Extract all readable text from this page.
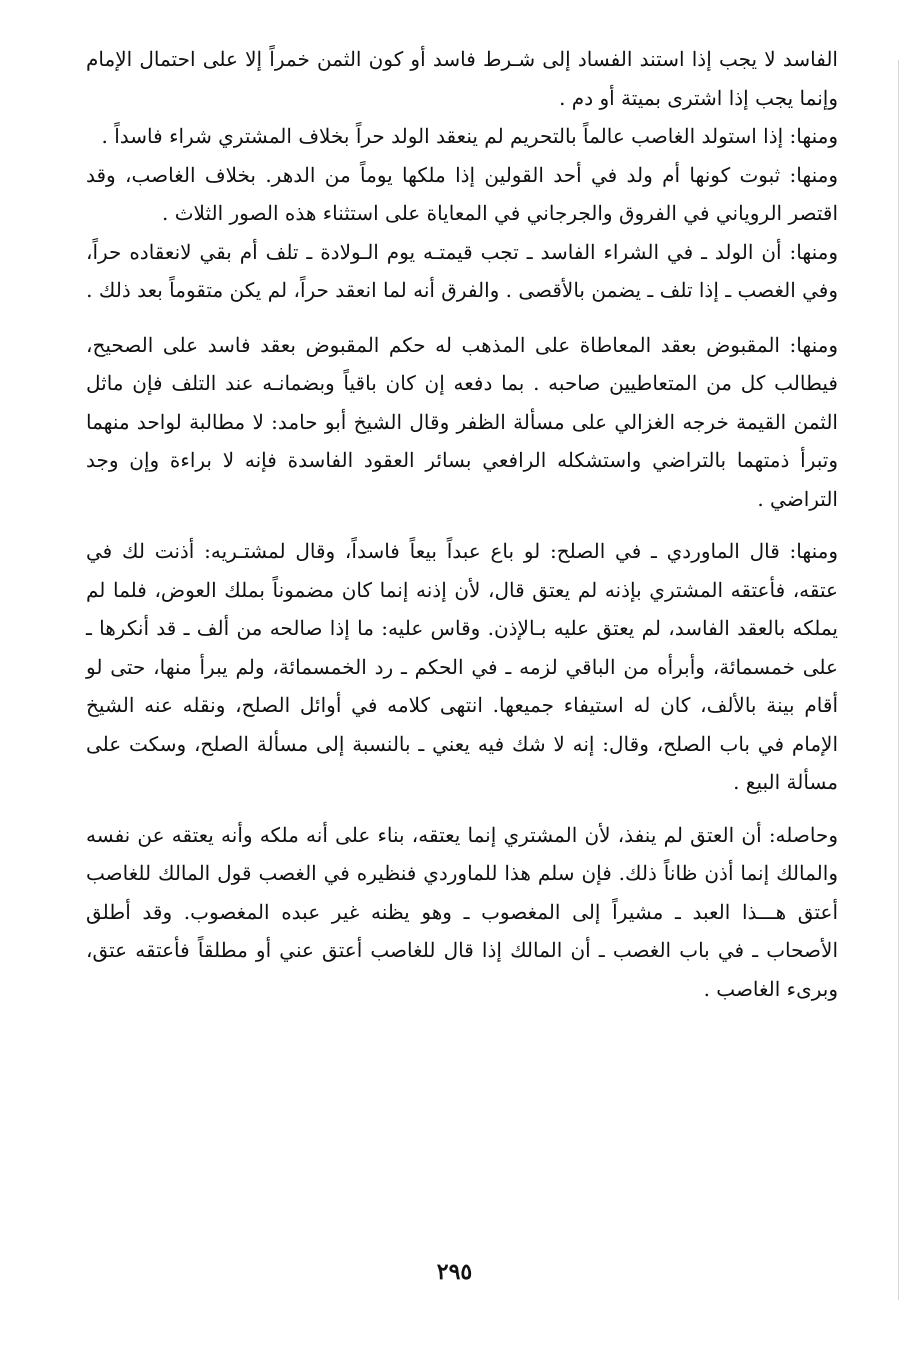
الفاسد لا يجب إذا استند الفساد إلى شـرط فاسد أو كون الثمن خمراً إلا على احتمال الإمام وإنما يجب إذا اشترى بميتة أو دم .

ومنها: إذا استولد الغاصب عالماً بالتحريم لم ينعقد الولد حراً بخلاف المشتري شراء فاسداً .

ومنها: ثبوت كونها أم ولد في أحد القولين إذا ملكها يوماً من الدهر. بخلاف الغاصب، وقد اقتصر الروياني في الفروق والجرجاني في المعاياة على استثناء هذه الصور الثلاث .

ومنها: أن الولد ـ في الشراء الفاسد ـ تجب قيمتـه يوم الـولادة ـ تلف أم بقي لانعقاده حراً، وفي الغصب ـ إذا تلف ـ يضمن بالأقصى . والفرق أنه لما انعقد حراً، لم يكن متقوماً بعد ذلك .

ومنها: المقبوض بعقد المعاطاة على المذهب له حكم المقبوض بعقد فاسد على الصحيح، فيطالب كل من المتعاطيين صاحبه . بما دفعه إن كان باقياً وبضمانـه عند التلف فإن ماثل الثمن القيمة خرجه الغزالي على مسألة الظفر وقال الشيخ أبو حامد: لا مطالبة لواحد منهما وتبرأ ذمتهما بالتراضي واستشكله الرافعي بسائر العقود الفاسدة فإنه لا براءة وإن وجد التراضي .

ومنها: قال الماوردي ـ في الصلح: لو باع عبداً بيعاً فاسداً، وقال لمشتـريه: أذنت لك في عتقه، فأعتقه المشتري بإذنه لم يعتق قال، لأن إذنه إنما كان مضموناً بملك العوض، فلما لم يملكه بالعقد الفاسد، لم يعتق عليه بـالإذن. وقاس عليه: ما إذا صالحه من ألف ـ قد أنكرها ـ على خمسمائة، وأبرأه من الباقي لزمه ـ في الحكم ـ رد الخمسمائة، ولم يبرأ منها، حتى لو أقام بينة بالألف، كان له استيفاء جميعها. انتهى كلامه في أوائل الصلح، ونقله عنه الشيخ الإمام في باب الصلح، وقال: إنه لا شك فيه يعني ـ بالنسبة إلى مسألة الصلح، وسكت على مسألة البيع .

وحاصله: أن العتق لم ينفذ، لأن المشتري إنما يعتقه، بناء على أنه ملكه وأنه يعتقه عن نفسه والمالك إنما أذن ظاناً ذلك. فإن سلم هذا للماوردي فنظيره في الغصب قول المالك للغاصب أعتق هـــذا العبد ـ مشيراً إلى المغصوب ـ وهو يظنه غير عبده المغصوب. وقد أطلق الأصحاب ـ في باب الغصب ـ أن المالك إذا قال للغاصب أعتق عني أو مطلقاً فأعتقه عتق، وبرىء الغاصب .

٢٩٥
